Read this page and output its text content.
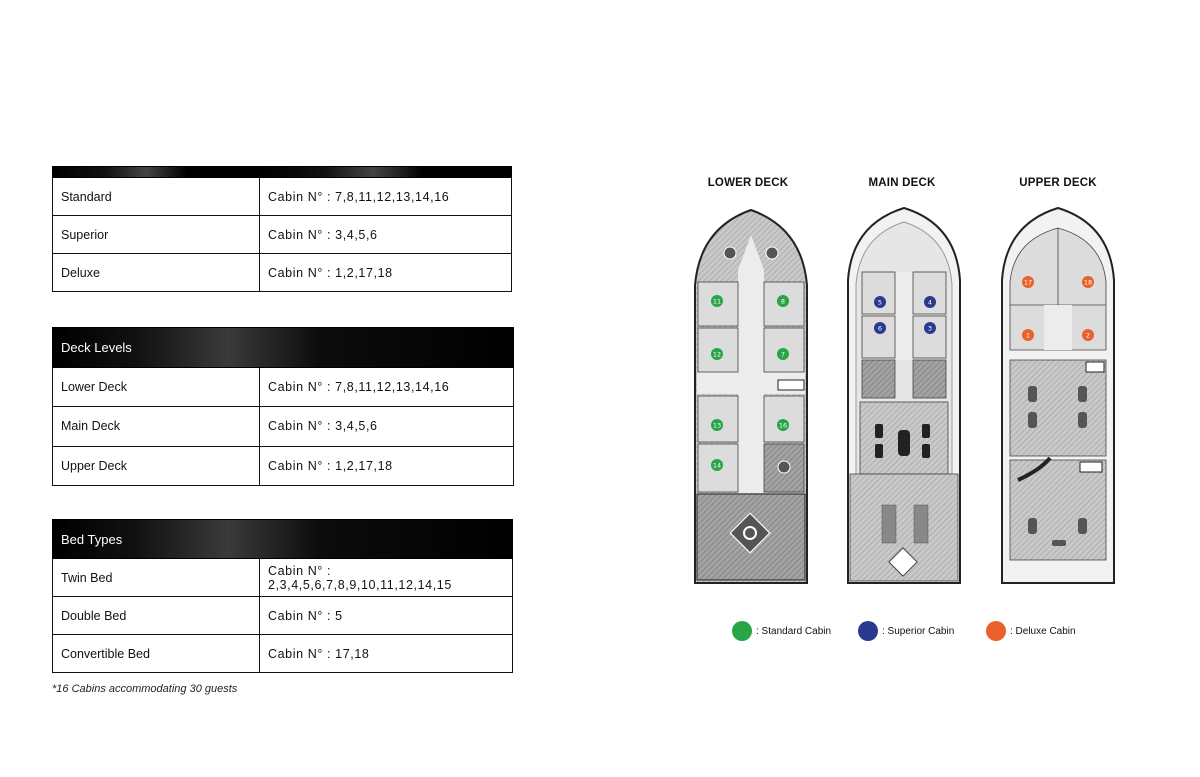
Standard	Cabin N° : 7,8,11,12,13,14,16
Superior	Cabin N° : 3,4,5,6
Deluxe	Cabin N° : 1,2,17,18
Deck Levels	
Lower Deck	Cabin N° : 7,8,11,12,13,14,16
Main Deck	Cabin N° : 3,4,5,6
Upper Deck	Cabin N° : 1,2,17,18
Bed Types	
Twin Bed	Cabin N° : 2,3,4,5,6,7,8,9,10,11,12,14,15
Double Bed	Cabin N° : 5
Convertible Bed	Cabin N° : 17,18
*16 Cabins accommodating 30 guests
LOWER DECK	MAIN DECK	UPPER DECK
11	8
12	7
13	16
14
5	4
6	3
17	18
1	2
: Standard Cabin	: Superior Cabin	: Deluxe Cabin
